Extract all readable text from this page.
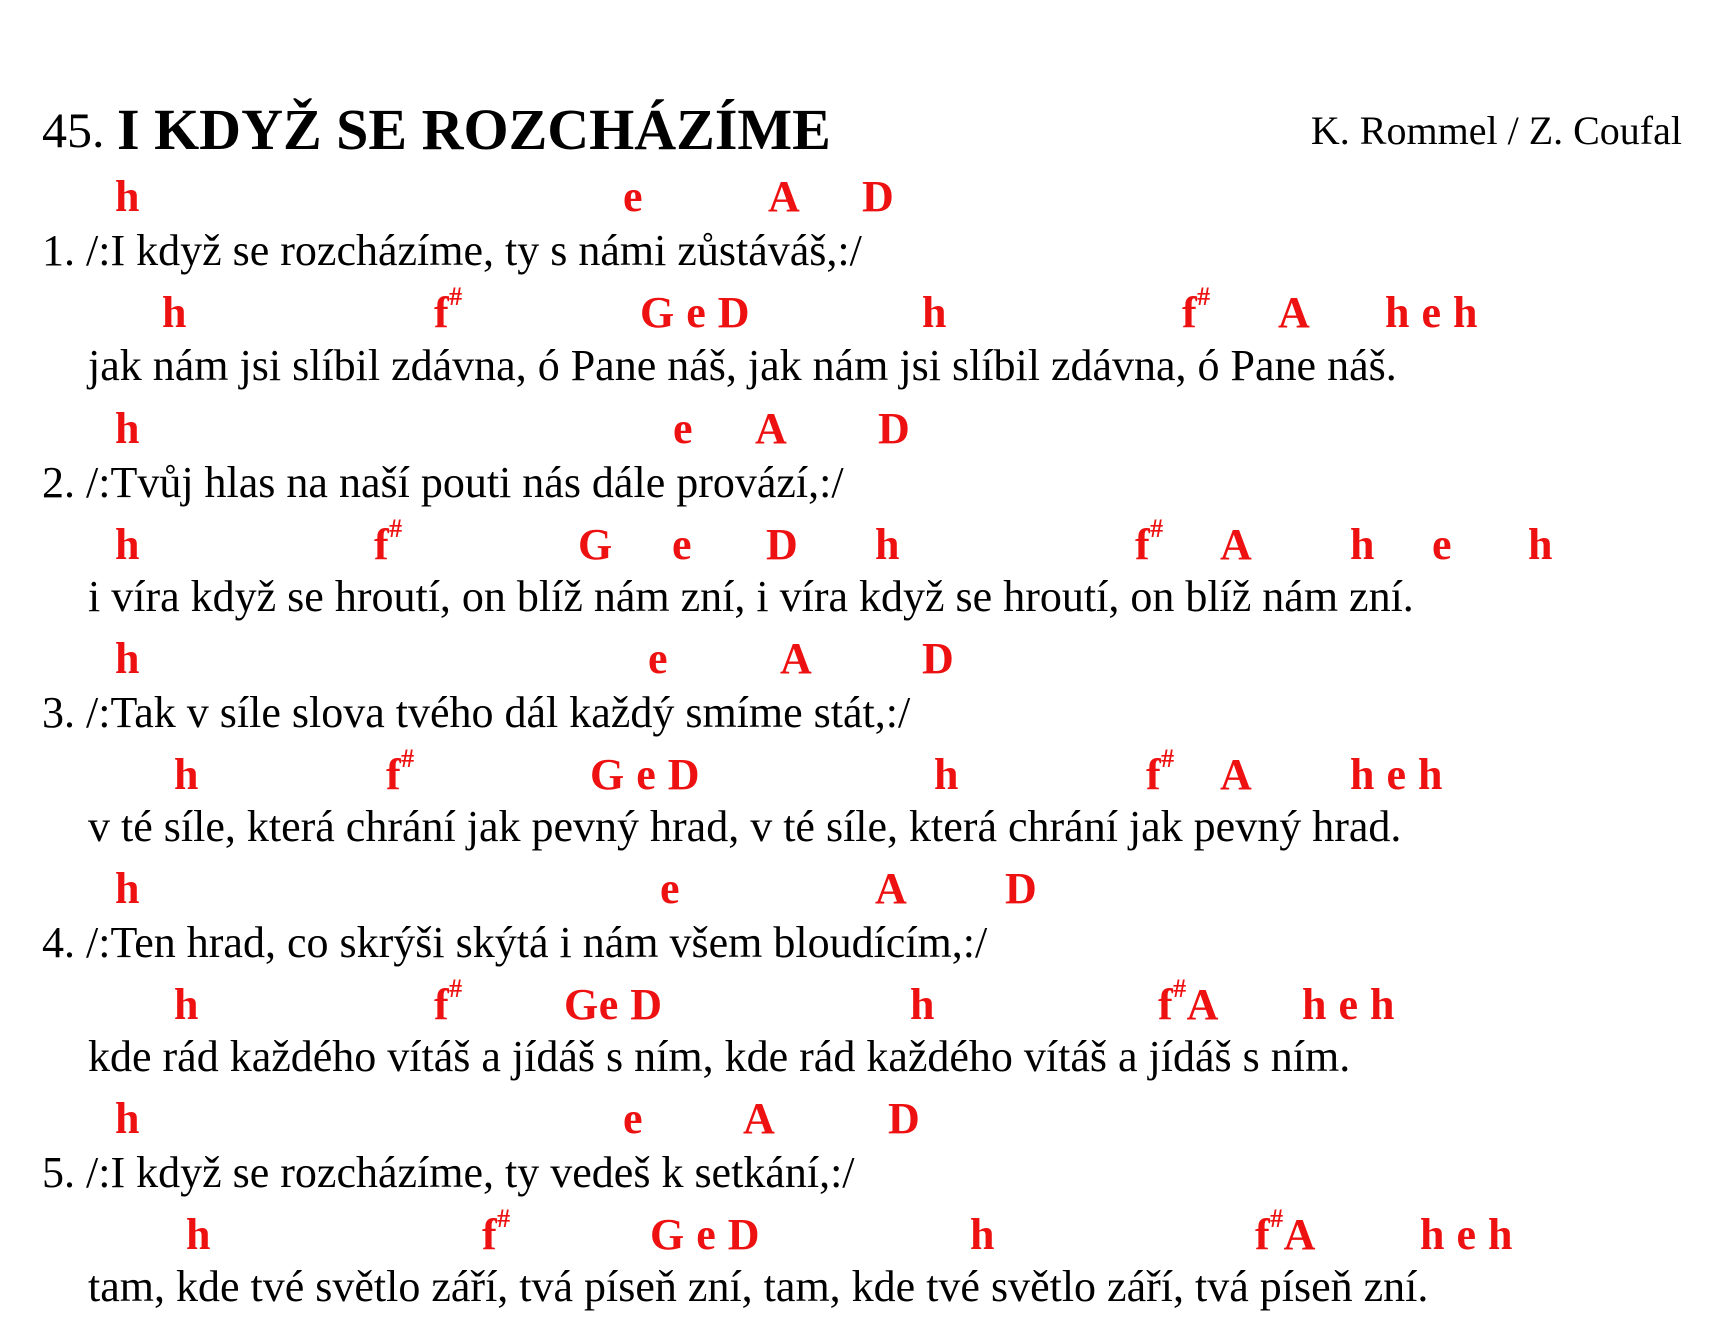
45. I KDYŽ SE ROZCHÁZÍME	K. Rommel / Z. Coufal
h	e	A D
1. /:I když se rozcházíme, ty s námi zůstáváš,:/
h	f#	G e D	h	f# A h e h
jak nám jsi slíbil zdávna, ó Pane náš, jak nám jsi slíbil zdávna, ó Pane náš.
h	e A D
2. /:Tvůj hlas na naší pouti nás dále provází,:/
h	f#	G e D h	f# A h e h
i víra když se hroutí, on blíž nám zní, i víra když se hroutí, on blíž nám zní.
h	e	A D
3. /:Tak v síle slova tvého dál každý smíme stát,:/
h	f#	G e D	h	f# A h e h
v té síle, která chrání jak pevný hrad, v té síle, která chrání jak pevný hrad.
h	e	A D
4. /:Ten hrad, co skrýši skýtá i nám všem bloudícím,:/
h	f# Ge D	h	f#A h e h
kde rád každého vítáš a jídáš s ním, kde rád každého vítáš a jídáš s ním.
h	e A	D
5. /:I když se rozcházíme, ty vedeš k setkání,:/
h	f#	G e D	h	f#A h e h
tam, kde tvé světlo září, tvá píseň zní, tam, kde tvé světlo září, tvá píseň zní.
